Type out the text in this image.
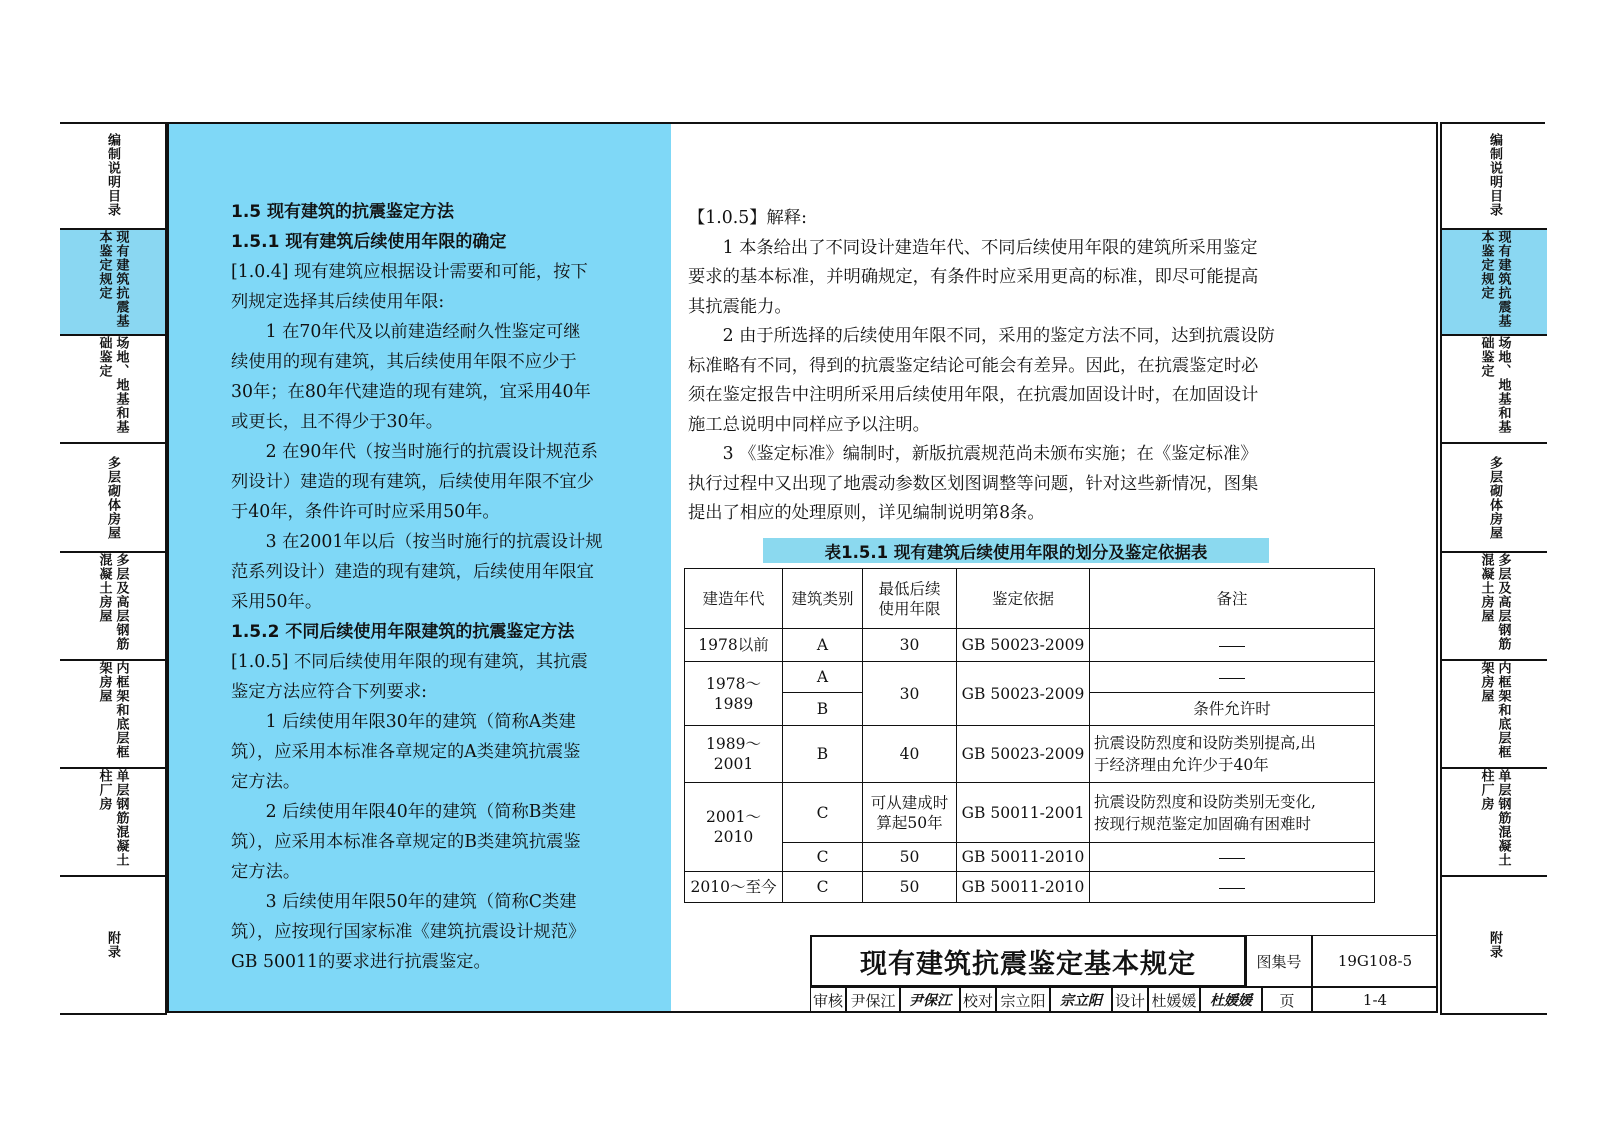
编制说明目录
现有建筑抗震基本鉴定规定
场地、地基和基础鉴定
多层砌体房屋
多层及高层钢筋混凝土房屋
内框架和底层框架房屋
单层钢筋混凝土柱厂房
附录
编制说明目录
现有建筑抗震基本鉴定规定
场地、地基和基础鉴定
多层砌体房屋
多层及高层钢筋混凝土房屋
内框架和底层框架房屋
单层钢筋混凝土柱厂房
附录
1.5 现有建筑的抗震鉴定方法
1.5.1 现有建筑后续使用年限的确定
[1.0.4] 现有建筑应根据设计需要和可能，按下
列规定选择其后续使用年限:
1 在70年代及以前建造经耐久性鉴定可继
续使用的现有建筑，其后续使用年限不应少于
30年；在80年代建造的现有建筑，宜采用40年
或更长，且不得少于30年。
2 在90年代（按当时施行的抗震设计规范系
列设计）建造的现有建筑，后续使用年限不宜少
于40年，条件许可时应采用50年。
3 在2001年以后（按当时施行的抗震设计规
范系列设计）建造的现有建筑，后续使用年限宜
采用50年。
1.5.2 不同后续使用年限建筑的抗震鉴定方法
[1.0.5] 不同后续使用年限的现有建筑，其抗震
鉴定方法应符合下列要求:
1 后续使用年限30年的建筑（简称A类建
筑），应采用本标准各章规定的A类建筑抗震鉴
定方法。
2 后续使用年限40年的建筑（简称B类建
筑），应采用本标准各章规定的B类建筑抗震鉴
定方法。
3 后续使用年限50年的建筑（简称C类建
筑），应按现行国家标准《建筑抗震设计规范》
GB 50011的要求进行抗震鉴定。
【1.0.5】解释:
1 本条给出了不同设计建造年代、不同后续使用年限的建筑所采用鉴定
要求的基本标准，并明确规定，有条件时应采用更高的标准，即尽可能提高
其抗震能力。
2 由于所选择的后续使用年限不同，采用的鉴定方法不同，达到抗震设防
标准略有不同，得到的抗震鉴定结论可能会有差异。因此，在抗震鉴定时必
须在鉴定报告中注明所采用后续使用年限，在抗震加固设计时，在加固设计
施工总说明中同样应予以注明。
3 《鉴定标准》编制时，新版抗震规范尚未颁布实施；在《鉴定标准》
执行过程中又出现了地震动参数区划图调整等问题，针对这些新情况，图集
提出了相应的处理原则，详见编制说明第8条。
表1.5.1 现有建筑后续使用年限的划分及鉴定依据表
建造年代	建筑类别	最低后续
使用年限	鉴定依据	备注
1978以前	A	30	GB 50023-2009	
1978～1989	A	30	GB 50023-2009	
	B			条件允许时
1989～2001	B	40	GB 50023-2009	抗震设防烈度和设防类别提高,出
于经济理由允许少于40年
2001～2010	C	可从建成时
算起50年	GB 50011-2001	抗震设防烈度和设防类别无变化,
按现行规范鉴定加固确有困难时
	C	50	GB 50011-2010	
2010～至今	C	50	GB 50011-2010	
现有建筑抗震鉴定基本规定	图集号	19G108-5
审核 尹保江 尹保江 校对 宗立阳	宗立阳 设计 杜媛媛 杜媛媛	页	1-4
